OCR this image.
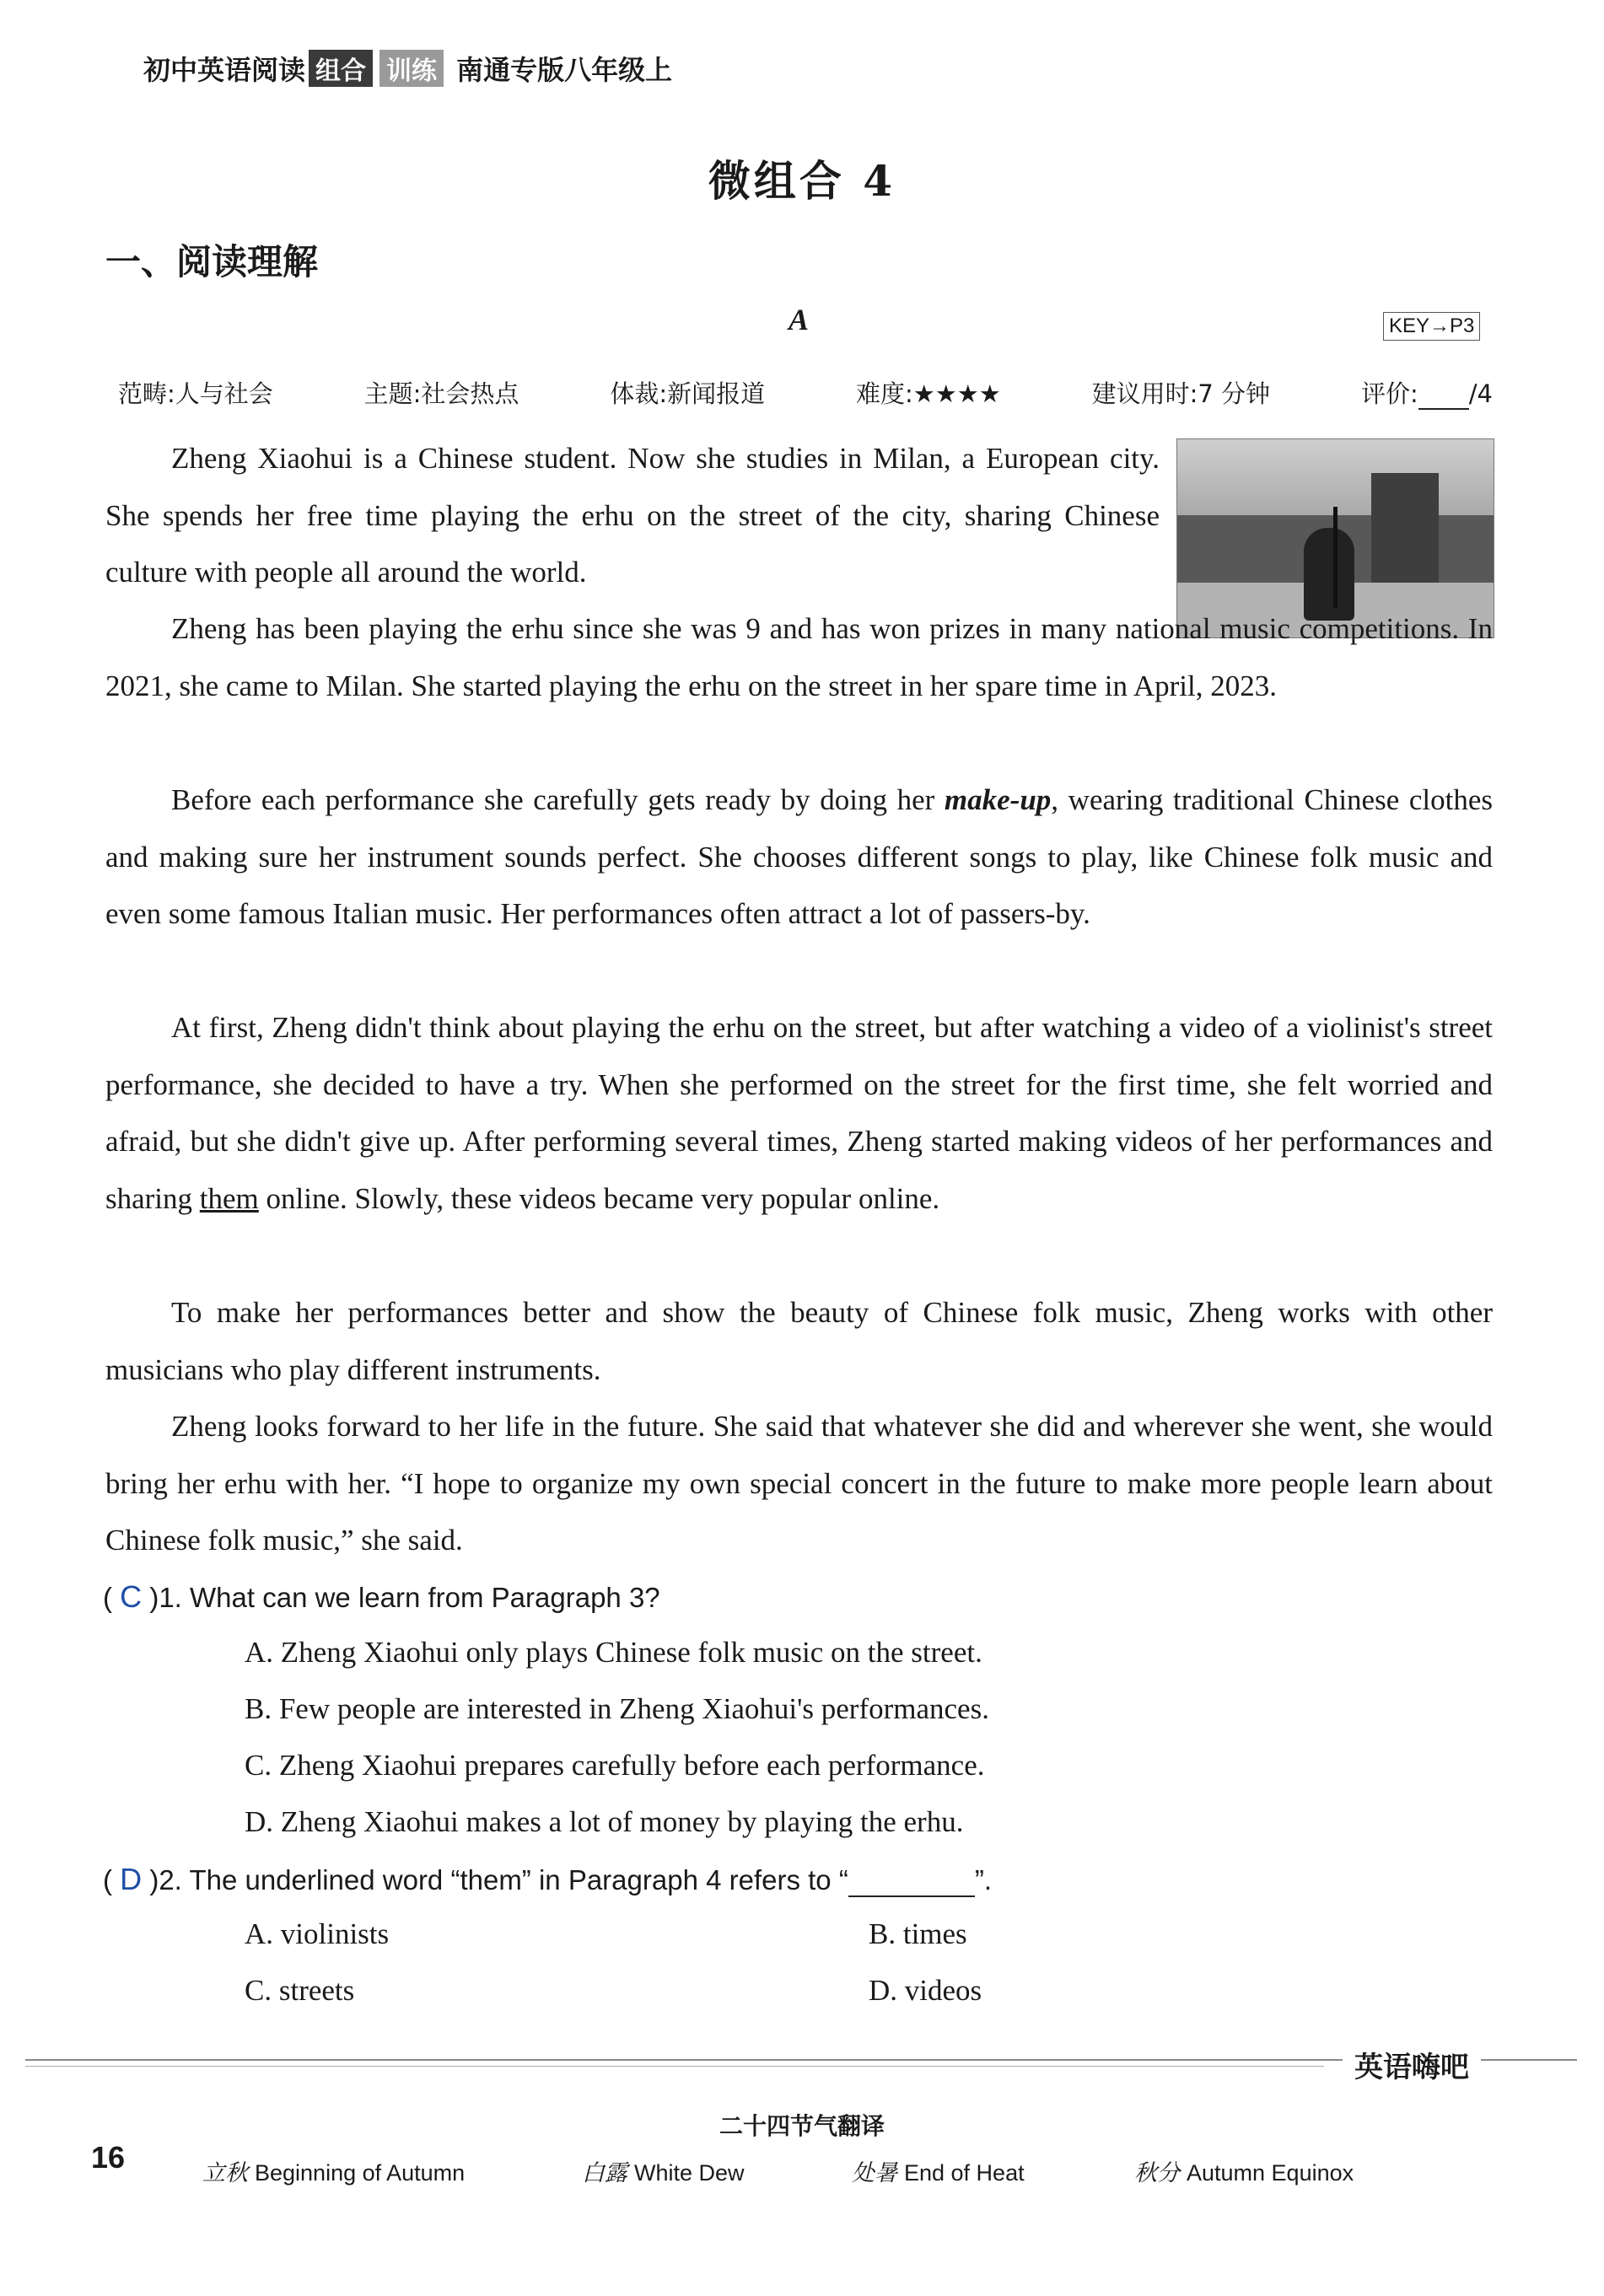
初中英语阅读 组合 训练 南通专版八年级上
微组合 4
一、阅读理解
A	KEY→P3
范畴:人与社会	主题:社会热点	体裁:新闻报道	难度:★★★★	建议用时:7 分钟	评价: /4

Zheng Xiaohui is a Chinese student. Now she studies in Milan, a European city. She spends her free time playing the erhu on the street of the city, sharing Chinese culture with people all around the world.

Zheng has been playing the erhu since she was 9 and has won prizes in many national music competitions. In 2021, she came to Milan. She started playing the erhu on the street in her spare time in April, 2023.

Before each performance she carefully gets ready by doing her make-up, wearing traditional Chinese clothes and making sure her instrument sounds perfect. She chooses different songs to play, like Chinese folk music and even some famous Italian music. Her performances often attract a lot of passers-by.

At first, Zheng didn't think about playing the erhu on the street, but after watching a video of a violinist's street performance, she decided to have a try. When she performed on the street for the first time, she felt worried and afraid, but she didn't give up. After performing several times, Zheng started making videos of her performances and sharing them online. Slowly, these videos became very popular online.

To make her performances better and show the beauty of Chinese folk music, Zheng works with other musicians who play different instruments.

Zheng looks forward to her life in the future. She said that whatever she did and wherever she went, she would bring her erhu with her. “I hope to organize my own special concert in the future to make more people learn about Chinese folk music,” she said.

( C )1. What can we learn from Paragraph 3?
A. Zheng Xiaohui only plays Chinese folk music on the street.
B. Few people are interested in Zheng Xiaohui's performances.
C. Zheng Xiaohui prepares carefully before each performance.
D. Zheng Xiaohui makes a lot of money by playing the erhu.
( D )2. The underlined word “them” in Paragraph 4 refers to “	”.
A. violinists	B. times
C. streets	D. videos
英语嗨吧
二十四节气翻译
16	立秋 Beginning of Autumn	白露 White Dew	处暑 End of Heat	秋分 Autumn Equinox
